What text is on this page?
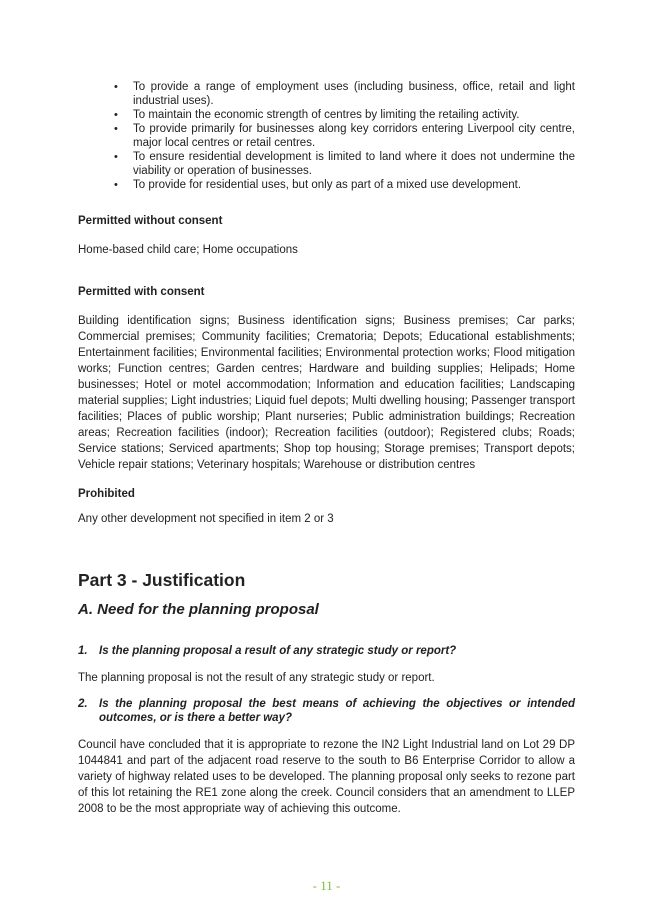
• To provide a range of employment uses (including business, office, retail and light industrial uses).
• To maintain the economic strength of centres by limiting the retailing activity.
• To provide primarily for businesses along key corridors entering Liverpool city centre, major local centres or retail centres.
• To ensure residential development is limited to land where it does not undermine the viability or operation of businesses.
• To provide for residential uses, but only as part of a mixed use development.

Permitted without consent

Home-based child care; Home occupations

Permitted with consent

Building identification signs; Business identification signs; Business premises; Car parks; Commercial premises; Community facilities; Crematoria; Depots; Educational establishments; Entertainment facilities; Environmental facilities; Environmental protection works; Flood mitigation works; Function centres; Garden centres; Hardware and building supplies; Helipads; Home businesses; Hotel or motel accommodation; Information and education facilities; Landscaping material supplies; Light industries; Liquid fuel depots; Multi dwelling housing; Passenger transport facilities; Places of public worship; Plant nurseries; Public administration buildings; Recreation areas; Recreation facilities (indoor); Recreation facilities (outdoor); Registered clubs; Roads; Service stations; Serviced apartments; Shop top housing; Storage premises; Transport depots; Vehicle repair stations; Veterinary hospitals; Warehouse or distribution centres

Prohibited

Any other development not specified in item 2 or 3

Part 3 - Justification
A. Need for the planning proposal
1. Is the planning proposal a result of any strategic study or report?

The planning proposal is not the result of any strategic study or report.

2. Is the planning proposal the best means of achieving the objectives or intended outcomes, or is there a better way?

Council have concluded that it is appropriate to rezone the IN2 Light Industrial land on Lot 29 DP 1044841 and part of the adjacent road reserve to the south to B6 Enterprise Corridor to allow a variety of highway related uses to be developed. The planning proposal only seeks to rezone part of this lot retaining the RE1 zone along the creek. Council considers that an amendment to LLEP 2008 to be the most appropriate way of achieving this outcome.

- 11 -
